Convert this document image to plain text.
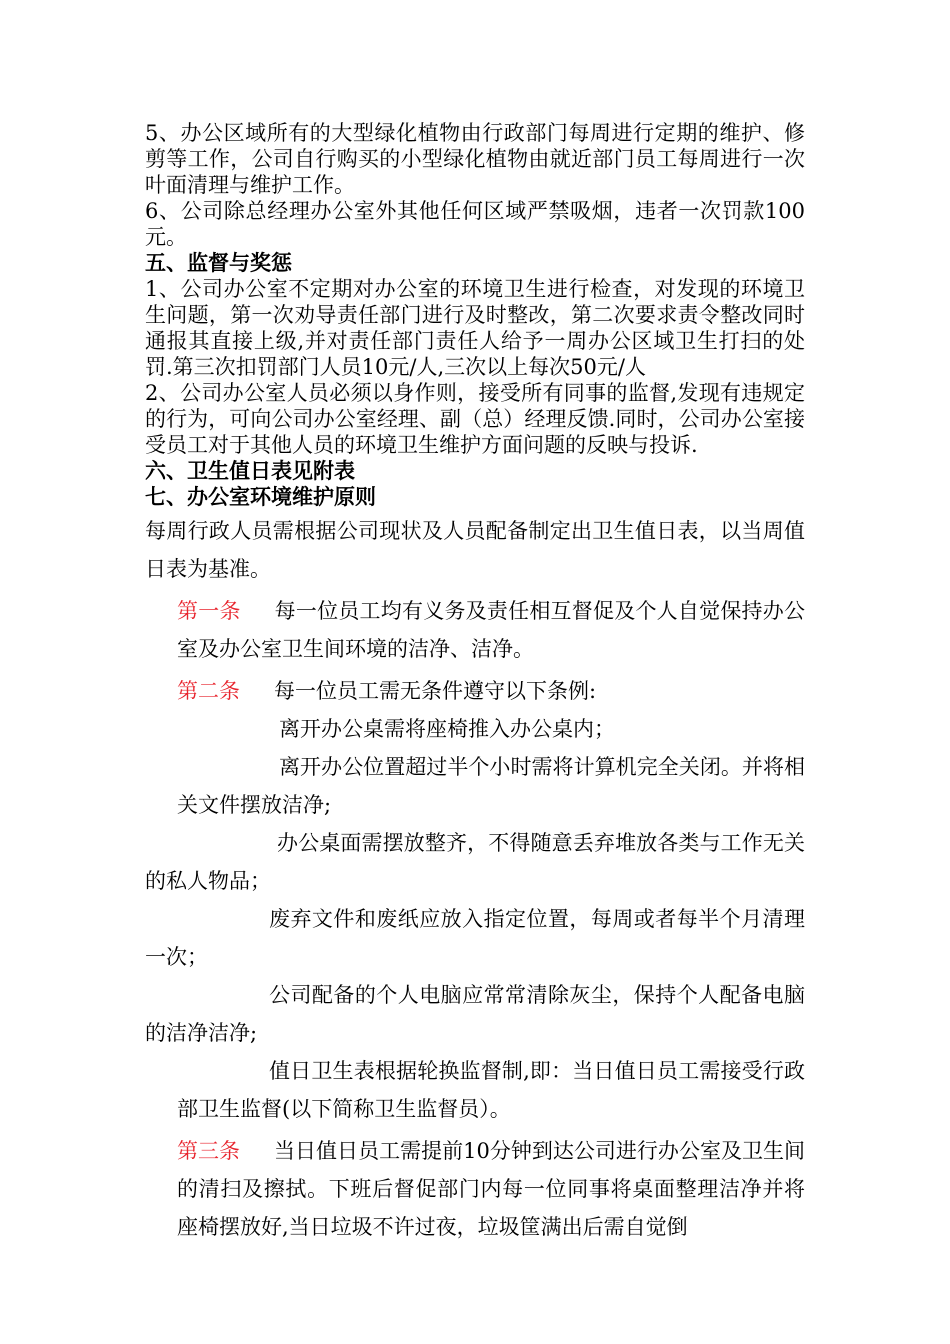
5、办公区域所有的大型绿化植物由行政部门每周进行定期的维护、修剪等工作，公司自行购买的小型绿化植物由就近部门员工每周进行一次叶面清理与维护工作。

6、公司除总经理办公室外其他任何区域严禁吸烟，违者一次罚款100元。

五、监督与奖惩

1、公司办公室不定期对办公室的环境卫生进行检查，对发现的环境卫生问题，第一次劝导责任部门进行及时整改，第二次要求责令整改同时通报其直接上级,并对责任部门责任人给予一周办公区域卫生打扫的处罚.第三次扣罚部门人员10元/人,三次以上每次50元/人

2、公司办公室人员必须以身作则，接受所有同事的监督,发现有违规定的行为，可向公司办公室经理、副（总）经理反馈.同时，公司办公室接受员工对于其他人员的环境卫生维护方面问题的反映与投诉.

六、卫生值日表见附表
七、办公室环境维护原则

每周行政人员需根据公司现状及人员配备制定出卫生值日表，以当周值日表为基准。

第一条 每一位员工均有义务及责任相互督促及个人自觉保持办公室及办公室卫生间环境的洁净、洁净。

第二条 每一位员工需无条件遵守以下条例:

离开办公桌需将座椅推入办公桌内；

离开办公位置超过半个小时需将计算机完全关闭。并将相关文件摆放洁净;

办公桌面需摆放整齐，不得随意丢弃堆放各类与工作无关的私人物品；

废弃文件和废纸应放入指定位置，每周或者每半个月清理一次；

公司配备的个人电脑应常常清除灰尘，保持个人配备电脑的洁净洁净;

值日卫生表根据轮换监督制,即：当日值日员工需接受行政部卫生监督(以下简称卫生监督员）。

第三条 当日值日员工需提前10分钟到达公司进行办公室及卫生间的清扫及擦拭。下班后督促部门内每一位同事将桌面整理洁净并将座椅摆放好,当日垃圾不许过夜，垃圾筐满出后需自觉倒
